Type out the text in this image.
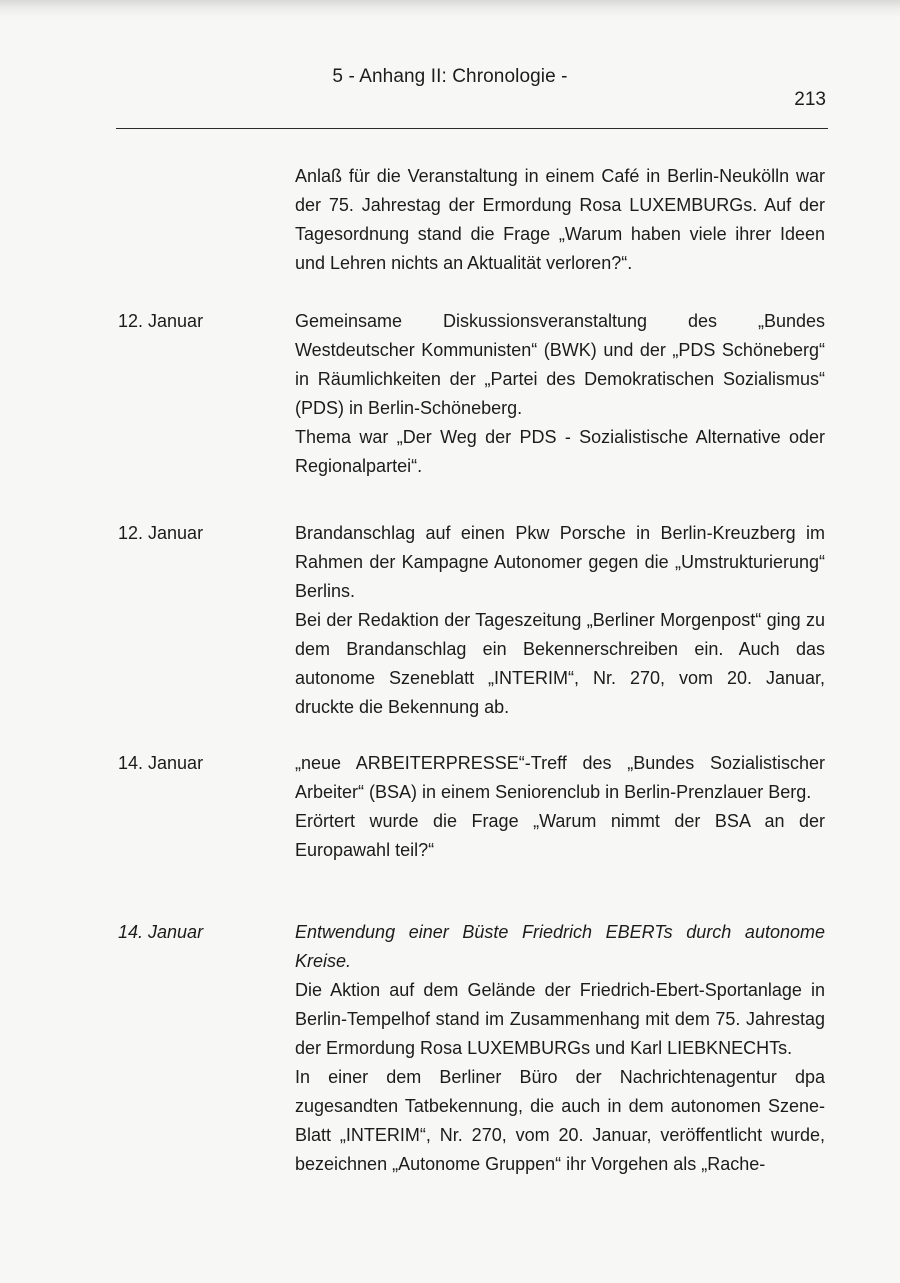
5 - Anhang II: Chronologie -
213

Anlaß für die Veranstaltung in einem Café in Berlin-Neukölln war der 75. Jahrestag der Ermordung Rosa LUXEMBURGs. Auf der Tagesordnung stand die Frage „Warum haben viele ihrer Ideen und Lehren nichts an Aktualität verloren?“.

12. Januar	Gemeinsame Diskussionsveranstaltung des „Bundes Westdeutscher Kommunisten“ (BWK) und der „PDS Schöneberg“ in Räumlichkeiten der „Partei des Demokratischen Sozialismus“ (PDS) in Berlin-Schöneberg.

Thema war „Der Weg der PDS - Sozialistische Alternative oder Regionalpartei“.

12. Januar	Brandanschlag auf einen Pkw Porsche in Berlin-Kreuzberg im Rahmen der Kampagne Autonomer gegen die „Umstrukturierung“ Berlins.

Bei der Redaktion der Tageszeitung „Berliner Morgenpost“ ging zu dem Brandanschlag ein Bekennerschreiben ein. Auch das autonome Szeneblatt „INTERIM“, Nr. 270, vom 20. Januar, druckte die Bekennung ab.

14. Januar	„neue ARBEITERPRESSE“-Treff des „Bundes Sozialistischer Arbeiter“ (BSA) in einem Seniorenclub in Berlin-Prenzlauer Berg.

Erörtert wurde die Frage „Warum nimmt der BSA an der Europawahl teil?“

14. Januar	Entwendung einer Büste Friedrich EBERTs durch autonome Kreise.

Die Aktion auf dem Gelände der Friedrich-Ebert-Sportanlage in Berlin-Tempelhof stand im Zusammenhang mit dem 75. Jahrestag der Ermordung Rosa LUXEMBURGs und Karl LIEBKNECHTs.

In einer dem Berliner Büro der Nachrichtenagentur dpa zugesandten Tatbekennung, die auch in dem autonomen Szene-Blatt „INTERIM“, Nr. 270, vom 20. Januar, veröffentlicht wurde, bezeichnen „Autonome Gruppen“ ihr Vorgehen als „Rache-
